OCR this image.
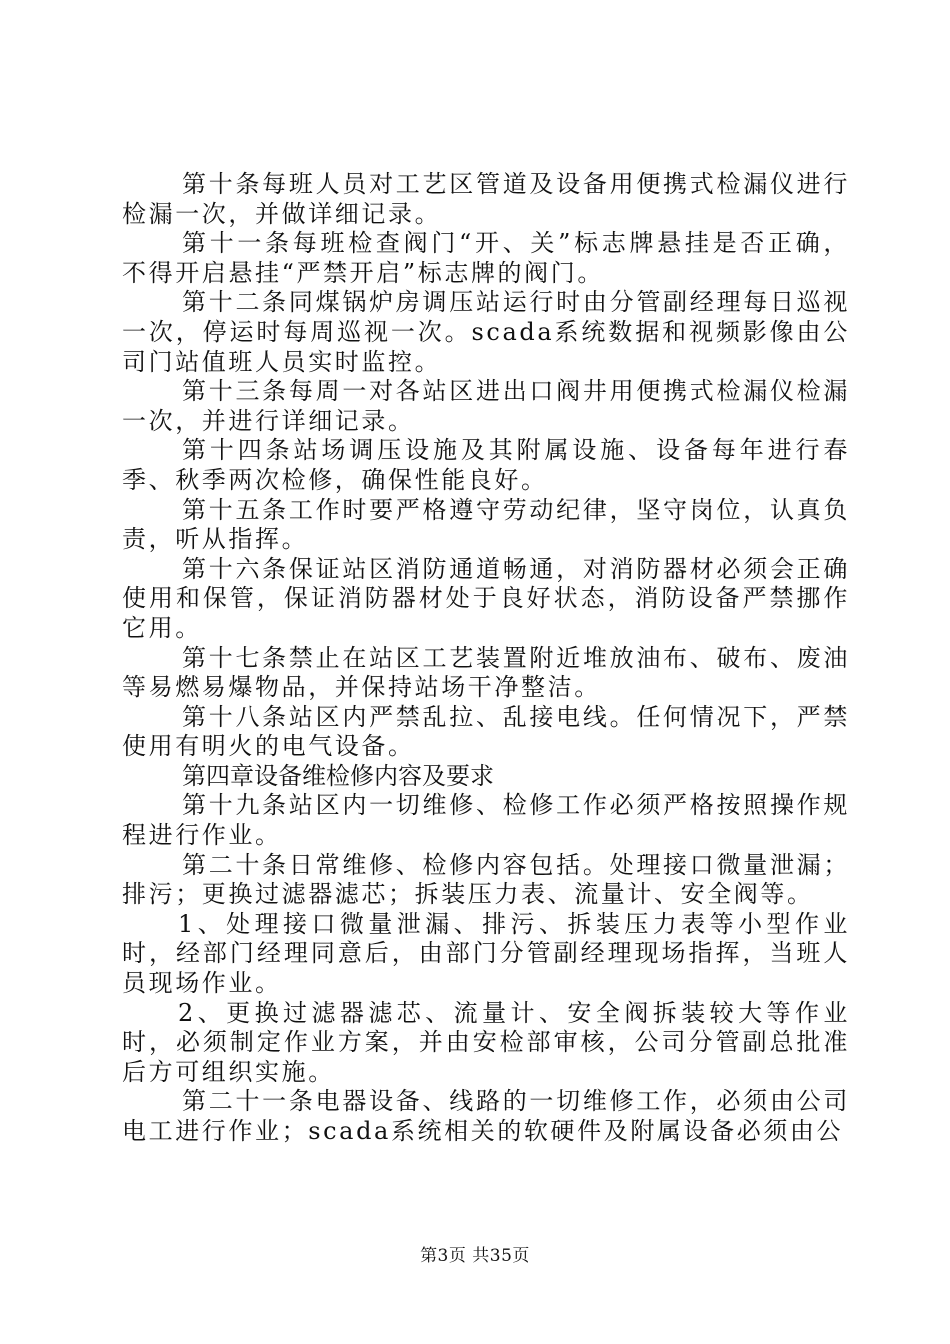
第十条每班人员对工艺区管道及设备用便携式检漏仪进行检漏一次，并做详细记录。
第十一条每班检查阀门“开、关”标志牌悬挂是否正确，不得开启悬挂“严禁开启”标志牌的阀门。
第十二条同煤锅炉房调压站运行时由分管副经理每日巡视一次，停运时每周巡视一次。scada系统数据和视频影像由公司门站值班人员实时监控。
第十三条每周一对各站区进出口阀井用便携式检漏仪检漏一次，并进行详细记录。
第十四条站场调压设施及其附属设施、设备每年进行春季、秋季两次检修，确保性能良好。
第十五条工作时要严格遵守劳动纪律，坚守岗位，认真负责，听从指挥。
第十六条保证站区消防通道畅通，对消防器材必须会正确使用和保管，保证消防器材处于良好状态，消防设备严禁挪作它用。
第十七条禁止在站区工艺装置附近堆放油布、破布、废油等易燃易爆物品，并保持站场干净整洁。
第十八条站区内严禁乱拉、乱接电线。任何情况下，严禁使用有明火的电气设备。
第四章设备维检修内容及要求
第十九条站区内一切维修、检修工作必须严格按照操作规程进行作业。
第二十条日常维修、检修内容包括。处理接口微量泄漏；排污；更换过滤器滤芯；拆装压力表、流量计、安全阀等。
1、处理接口微量泄漏、排污、拆装压力表等小型作业时，经部门经理同意后，由部门分管副经理现场指挥，当班人员现场作业。
2、更换过滤器滤芯、流量计、安全阀拆装较大等作业时，必须制定作业方案，并由安检部审核，公司分管副总批准后方可组织实施。
第二十一条电器设备、线路的一切维修工作，必须由公司电工进行作业；scada系统相关的软硬件及附属设备必须由公
第3页 共35页
